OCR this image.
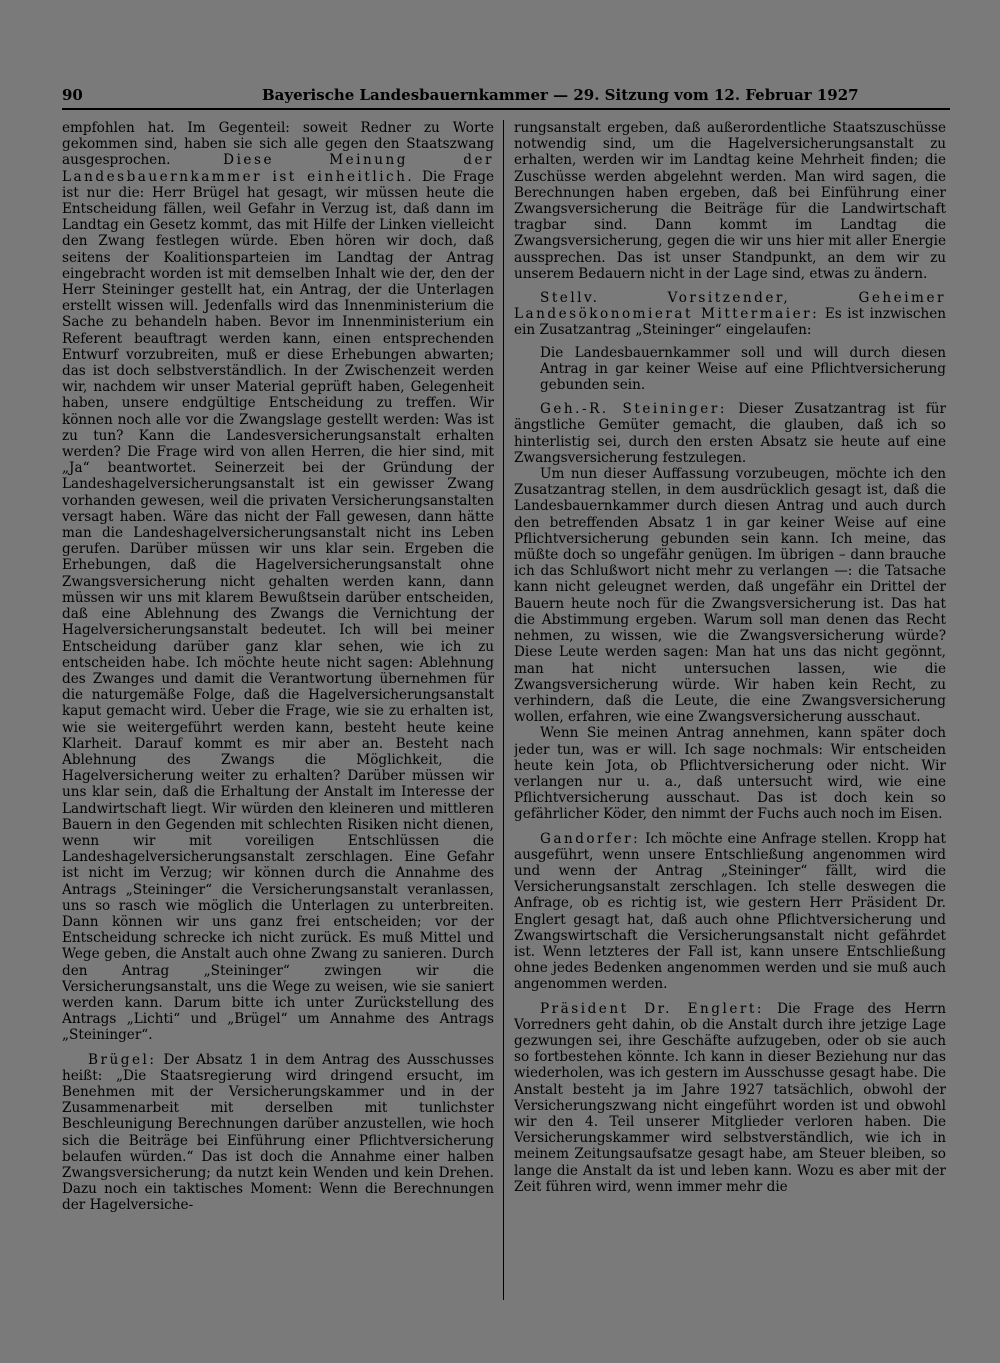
90	Bayerische Landesbauernkammer — 29. Sitzung vom 12. Februar 1927

empfohlen hat. Im Gegenteil: soweit Redner zu Worte gekommen sind, haben sie sich alle gegen den Staatszwang ausgesprochen. Diese Meinung der Landesbauernkammer ist einheitlich. Die Frage ist nur die: Herr Brügel hat gesagt, wir müssen heute die Entscheidung fällen, weil Gefahr in Verzug ist, daß dann im Landtag ein Gesetz kommt, das mit Hilfe der Linken vielleicht den Zwang festlegen würde. Eben hören wir doch, daß seitens der Koalitionsparteien im Landtag der Antrag eingebracht worden ist mit demselben Inhalt wie der, den der Herr Steininger gestellt hat, ein Antrag, der die Unterlagen erstellt wissen will. Jedenfalls wird das Innenministerium die Sache zu behandeln haben. Bevor im Innenministerium ein Referent beauftragt werden kann, einen entsprechenden Entwurf vorzubreiten, muß er diese Erhebungen abwarten; das ist doch selbstverständlich. In der Zwischenzeit werden wir, nachdem wir unser Material geprüft haben, Gelegenheit haben, unsere endgültige Entscheidung zu treffen. Wir können noch alle vor die Zwangslage gestellt werden: Was ist zu tun? Kann die Landesversicherungsanstalt erhalten werden? Die Frage wird von allen Herren, die hier sind, mit „Ja“ beantwortet. Seinerzeit bei der Gründung der Landeshagelversicherungsanstalt ist ein gewisser Zwang vorhanden gewesen, weil die privaten Versicherungsanstalten versagt haben. Wäre das nicht der Fall gewesen, dann hätte man die Landeshagelversicherungsanstalt nicht ins Leben gerufen. Darüber müssen wir uns klar sein. Ergeben die Erhebungen, daß die Hagelversicherungsanstalt ohne Zwangsversicherung nicht gehalten werden kann, dann müssen wir uns mit klarem Bewußtsein darüber entscheiden, daß eine Ablehnung des Zwangs die Vernichtung der Hagelversicherungsanstalt bedeutet. Ich will bei meiner Entscheidung darüber ganz klar sehen, wie ich zu entscheiden habe. Ich möchte heute nicht sagen: Ablehnung des Zwanges und damit die Verantwortung übernehmen für die naturgemäße Folge, daß die Hagelversicherungsanstalt kaput gemacht wird. Ueber die Frage, wie sie zu erhalten ist, wie sie weitergeführt werden kann, besteht heute keine Klarheit. Darauf kommt es mir aber an. Besteht nach Ablehnung des Zwangs die Möglichkeit, die Hagelversicherung weiter zu erhalten? Darüber müssen wir uns klar sein, daß die Erhaltung der Anstalt im Interesse der Landwirtschaft liegt. Wir würden den kleineren und mittleren Bauern in den Gegenden mit schlechten Risiken nicht dienen, wenn wir mit voreiligen Entschlüssen die Landeshagelversicherungsanstalt zerschlagen. Eine Gefahr ist nicht im Verzug; wir können durch die Annahme des Antrags „Steininger“ die Versicherungsanstalt veranlassen, uns so rasch wie möglich die Unterlagen zu unterbreiten. Dann können wir uns ganz frei entscheiden; vor der Entscheidung schrecke ich nicht zurück. Es muß Mittel und Wege geben, die Anstalt auch ohne Zwang zu sanieren. Durch den Antrag „Steininger“ zwingen wir die Versicherungsanstalt, uns die Wege zu weisen, wie sie saniert werden kann. Darum bitte ich unter Zurückstellung des Antrags „Lichti“ und „Brügel“ um Annahme des Antrags „Steininger“.

Brügel: Der Absatz 1 in dem Antrag des Ausschusses heißt: „Die Staatsregierung wird dringend ersucht, im Benehmen mit der Versicherungskammer und in der Zusammenarbeit mit derselben mit tunlichster Beschleunigung Berechnungen darüber anzustellen, wie hoch sich die Beiträge bei Einführung einer Pflichtversicherung belaufen würden.“ Das ist doch die Annahme einer halben Zwangsversicherung; da nutzt kein Wenden und kein Drehen. Dazu noch ein taktisches Moment: Wenn die Berechnungen der Hagelversiche-

rungsanstalt ergeben, daß außerordentliche Staatszuschüsse notwendig sind, um die Hagelversicherungsanstalt zu erhalten, werden wir im Landtag keine Mehrheit finden; die Zuschüsse werden abgelehnt werden. Man wird sagen, die Berechnungen haben ergeben, daß bei Einführung einer Zwangsversicherung die Beiträge für die Landwirtschaft tragbar sind. Dann kommt im Landtag die Zwangsversicherung, gegen die wir uns hier mit aller Energie aussprechen. Das ist unser Standpunkt, an dem wir zu unserem Bedauern nicht in der Lage sind, etwas zu ändern.

Stellv. Vorsitzender, Geheimer Landesökonomierat Mittermaier: Es ist inzwischen ein Zusatzantrag „Steininger“ eingelaufen:

Die Landesbauernkammer soll und will durch diesen Antrag in gar keiner Weise auf eine Pflichtversicherung gebunden sein.

Geh.-R. Steininger: Dieser Zusatzantrag ist für ängstliche Gemüter gemacht, die glauben, daß ich so hinterlistig sei, durch den ersten Absatz sie heute auf eine Zwangsversicherung festzulegen.

Um nun dieser Auffassung vorzubeugen, möchte ich den Zusatzantrag stellen, in dem ausdrücklich gesagt ist, daß die Landesbauernkammer durch diesen Antrag und auch durch den betreffenden Absatz 1 in gar keiner Weise auf eine Pflichtversicherung gebunden sein kann. Ich meine, das müßte doch so ungefähr genügen. Im übrigen – dann brauche ich das Schlußwort nicht mehr zu verlangen —: die Tatsache kann nicht geleugnet werden, daß ungefähr ein Drittel der Bauern heute noch für die Zwangsversicherung ist. Das hat die Abstimmung ergeben. Warum soll man denen das Recht nehmen, zu wissen, wie die Zwangsversicherung würde? Diese Leute werden sagen: Man hat uns das nicht gegönnt, man hat nicht untersuchen lassen, wie die Zwangsversicherung würde. Wir haben kein Recht, zu verhindern, daß die Leute, die eine Zwangsversicherung wollen, erfahren, wie eine Zwangsversicherung ausschaut.

Wenn Sie meinen Antrag annehmen, kann später doch jeder tun, was er will. Ich sage nochmals: Wir entscheiden heute kein Jota, ob Pflichtversicherung oder nicht. Wir verlangen nur u. a., daß untersucht wird, wie eine Pflichtversicherung ausschaut. Das ist doch kein so gefährlicher Köder, den nimmt der Fuchs auch noch im Eisen.

Gandorfer: Ich möchte eine Anfrage stellen. Kropp hat ausgeführt, wenn unsere Entschließung angenommen wird und wenn der Antrag „Steininger“ fällt, wird die Versicherungsanstalt zerschlagen. Ich stelle deswegen die Anfrage, ob es richtig ist, wie gestern Herr Präsident Dr. Englert gesagt hat, daß auch ohne Pflichtversicherung und Zwangswirtschaft die Versicherungsanstalt nicht gefährdet ist. Wenn letzteres der Fall ist, kann unsere Entschließung ohne jedes Bedenken angenommen werden und sie muß auch angenommen werden.

Präsident Dr. Englert: Die Frage des Herrn Vorredners geht dahin, ob die Anstalt durch ihre jetzige Lage gezwungen sei, ihre Geschäfte aufzugeben, oder ob sie auch so fortbestehen könnte. Ich kann in dieser Beziehung nur das wiederholen, was ich gestern im Ausschusse gesagt habe. Die Anstalt besteht ja im Jahre 1927 tatsächlich, obwohl der Versicherungszwang nicht eingeführt worden ist und obwohl wir den 4. Teil unserer Mitglieder verloren haben. Die Versicherungskammer wird selbstverständlich, wie ich in meinem Zeitungsaufsatze gesagt habe, am Steuer bleiben, so lange die Anstalt da ist und leben kann. Wozu es aber mit der Zeit führen wird, wenn immer mehr die
